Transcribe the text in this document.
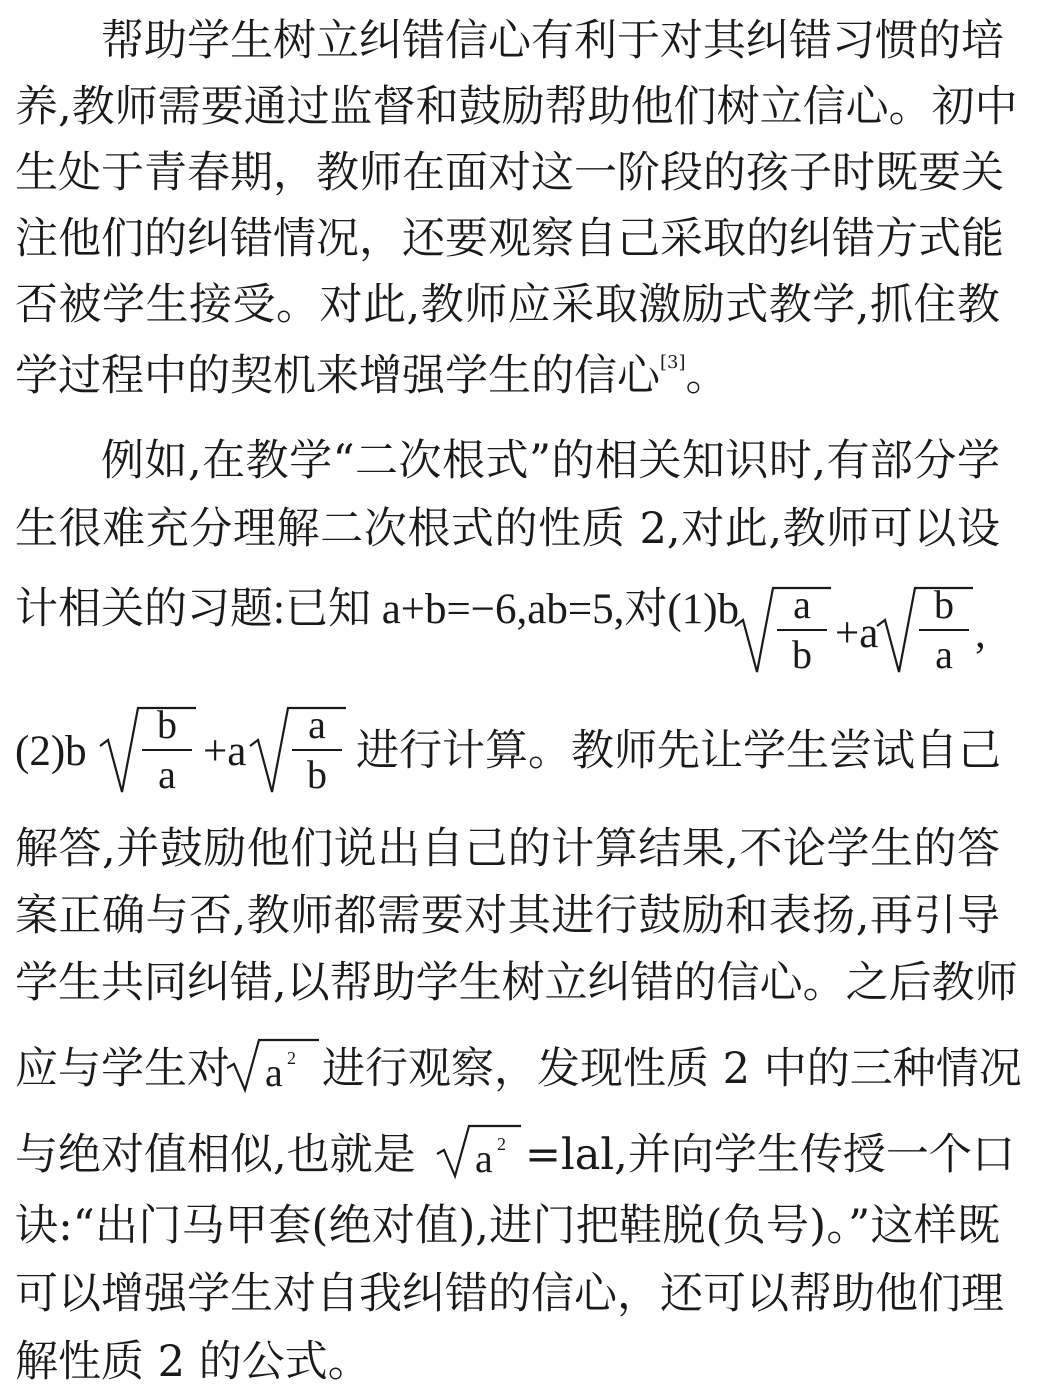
帮助学生树立纠错信心有利于对其纠错习惯的培
养,教师需要通过监督和鼓励帮助他们树立信心。初中
生处于青春期，教师在面对这一阶段的孩子时既要关
注他们的纠错情况，还要观察自己采取的纠错方式能
否被学生接受。对此,教师应采取激励式教学,抓住教
学过程中的契机来增强学生的信心[3]。
例如,在教学“二次根式”的相关知识时,有部分学
生很难充分理解二次根式的性质 2,对此,教师可以设
计相关的习题:已知 a+b=−6,ab=5,对(1)b	a
b +a
b
a ,
(2)b
b
a +a
a
b 进行计算。教师先让学生尝试自己
解答,并鼓励他们说出自己的计算结果,不论学生的答
案正确与否,教师都需要对其进行鼓励和表扬,再引导
学生共同纠错,以帮助学生树立纠错的信心。之后教师
应与学生对 a 2 进行观察，发现性质 2 中的三种情况
与绝对值相似,也就是	a 2 =lal,并向学生传授一个口
诀:“出门马甲套(绝对值),进门把鞋脱(负号)。”这样既
可以增强学生对自我纠错的信心，还可以帮助他们理
解性质 2 的公式。
